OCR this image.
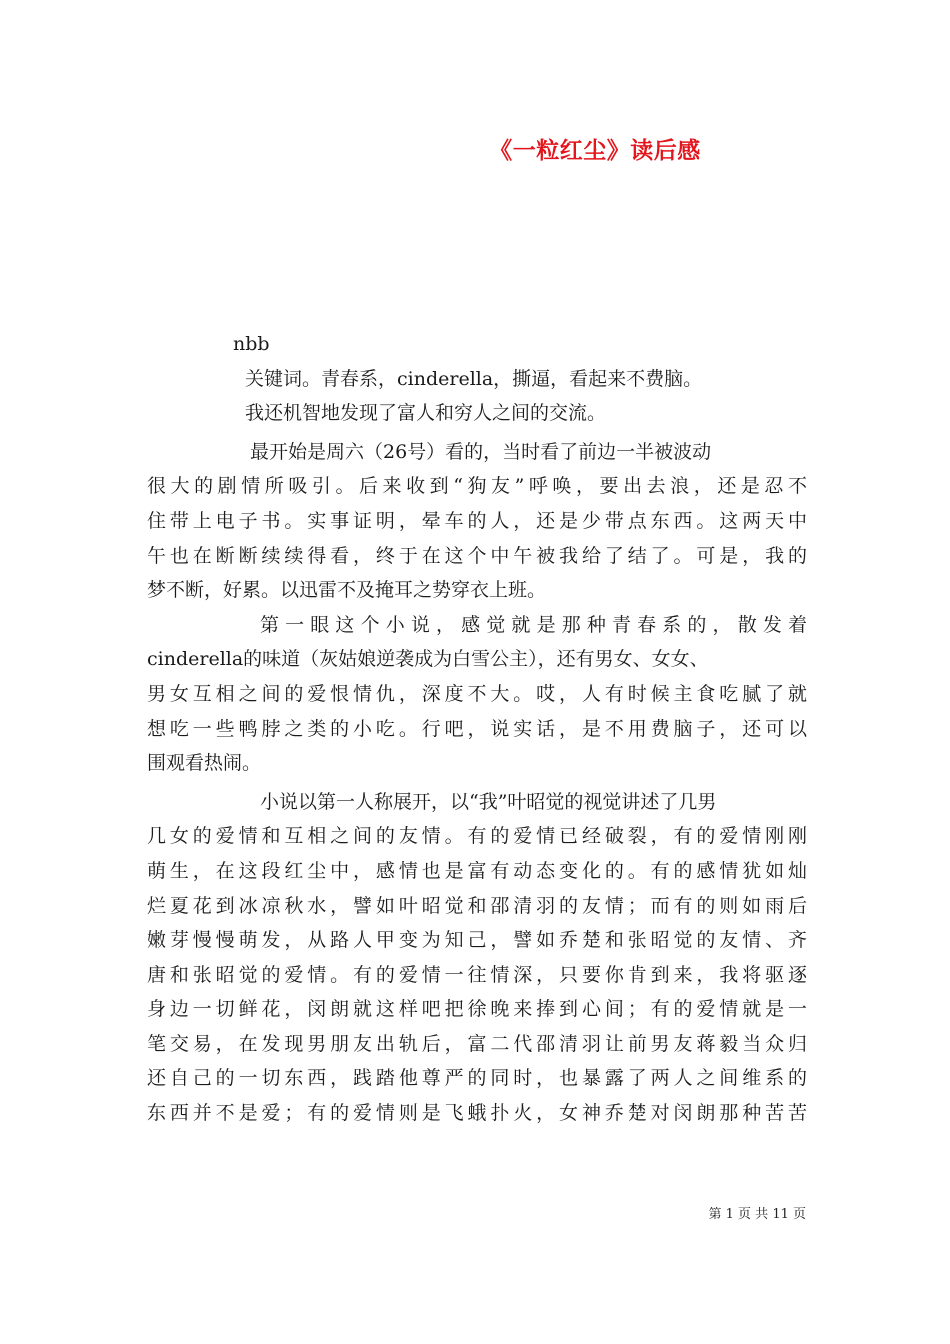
《一粒红尘》读后感
nbb
关键词。青春系，cinderella，撕逼，看起来不费脑。
我还机智地发现了富人和穷人之间的交流。
最开始是周六（26号）看的，当时看了前边一半被波动
很大的剧情所吸引。后来收到“狗友”呼唤，要出去浪，还是忍不
住带上电子书。实事证明，晕车的人，还是少带点东西。这两天中
午也在断断续续得看，终于在这个中午被我给了结了。可是，我的
梦不断，好累。以迅雷不及掩耳之势穿衣上班。
第一眼这个小说，感觉就是那种青春系的，散发着
cinderella的味道（灰姑娘逆袭成为白雪公主），还有男女、女女、
男女互相之间的爱恨情仇，深度不大。哎，人有时候主食吃腻了就
想吃一些鸭脖之类的小吃。行吧，说实话，是不用费脑子，还可以
围观看热闹。
小说以第一人称展开，以“我”叶昭觉的视觉讲述了几男
几女的爱情和互相之间的友情。有的爱情已经破裂，有的爱情刚刚
萌生，在这段红尘中，感情也是富有动态变化的。有的感情犹如灿
烂夏花到冰凉秋水，譬如叶昭觉和邵清羽的友情；而有的则如雨后
嫩芽慢慢萌发，从路人甲变为知己，譬如乔楚和张昭觉的友情、齐
唐和张昭觉的爱情。有的爱情一往情深，只要你肯到来，我将驱逐
身边一切鲜花，闵朗就这样吧把徐晚来捧到心间；有的爱情就是一
笔交易，在发现男朋友出轨后，富二代邵清羽让前男友蒋毅当众归
还自己的一切东西，践踏他尊严的同时，也暴露了两人之间维系的
东西并不是爱；有的爱情则是飞蛾扑火，女神乔楚对闵朗那种苦苦
第 1 页 共 11 页
